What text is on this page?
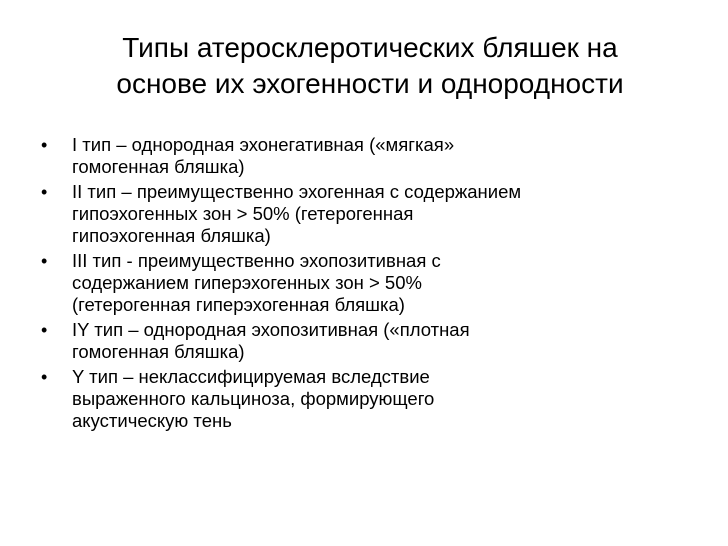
Типы атеросклеротических бляшек на
основе их эхогенности и однородности
•	I тип – однородная эхонегативная («мягкая»
гомогенная бляшка)
•	II тип – преимущественно эхогенная с содержанием
гипоэхогенных зон > 50% (гетерогенная
гипоэхогенная бляшка)
•	III тип - преимущественно эхопозитивная с
содержанием гиперэхогенных зон > 50%
(гетерогенная гиперэхогенная бляшка)
•	IY тип – однородная эхопозитивная («плотная
гомогенная бляшка)
•	Y тип – неклассифицируемая вследствие
выраженного кальциноза, формирующего
акустическую тень
